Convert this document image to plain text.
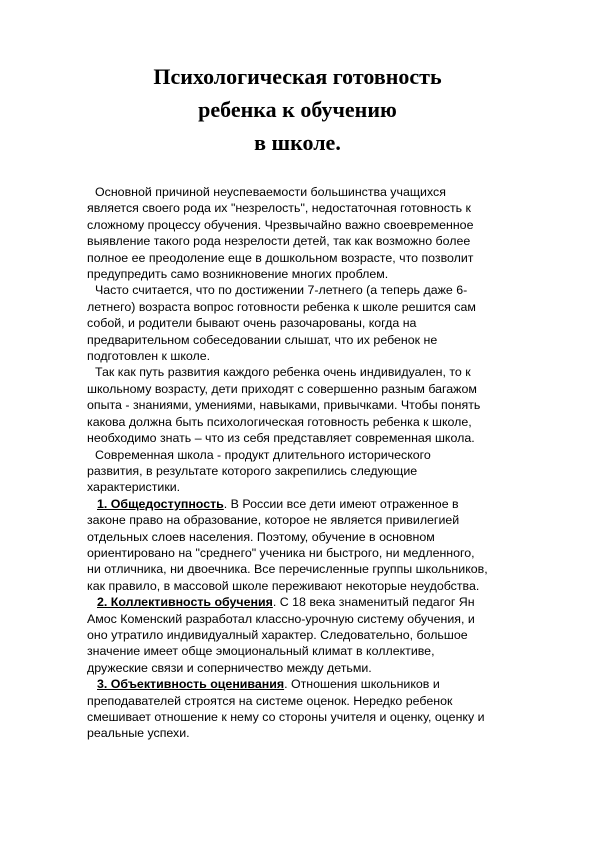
Психологическая готовность
ребенка к обучению
в школе.
Основной причиной неуспеваемости большинства учащихся
является своего рода их "незрелость", недостаточная готовность к
сложному процессу обучения. Чрезвычайно важно своевременное
выявление такого рода незрелости детей, так как возможно более
полное ее преодоление еще в дошкольном возрасте, что позволит
предупредить само возникновение многих проблем.
Часто считается, что по достижении 7-летнего (а теперь даже 6-
летнего) возраста вопрос готовности ребенка к школе решится сам
собой, и родители бывают очень разочарованы, когда на
предварительном собеседовании слышат, что их ребенок не
подготовлен к школе.
Так как путь развития каждого ребенка очень индивидуален, то к
школьному возрасту, дети приходят с совершенно разным багажом
опыта - знаниями, умениями, навыками, привычками. Чтобы понять
какова должна быть психологическая готовность ребенка к школе,
необходимо знать – что из себя представляет современная школа.
Современная школа - продукт длительного исторического
развития, в результате которого закрепились следующие
характеристики.
1. Общедоступность. В России все дети имеют отраженное в
законе право на образование, которое не является привилегией
отдельных слоев населения. Поэтому, обучение в основном
ориентировано на "среднего" ученика ни быстрого, ни медленного,
ни отличника, ни двоечника. Все перечисленные группы школьников,
как правило, в массовой школе переживают некоторые неудобства.
2. Коллективность обучения. С 18 века знаменитый педагог Ян
Амос Коменский разработал классно-урочную систему обучения, и
оно утратило индивидуалный характер. Следовательно, большое
значение имеет обще эмоциональный климат в коллективе,
дружеские связи и соперничество между детьми.
3. Объективность оценивания. Отношения школьников и
преподавателей строятся на системе оценок. Нередко ребенок
смешивает отношение к нему со стороны учителя и оценку, оценку и
реальные успехи.
